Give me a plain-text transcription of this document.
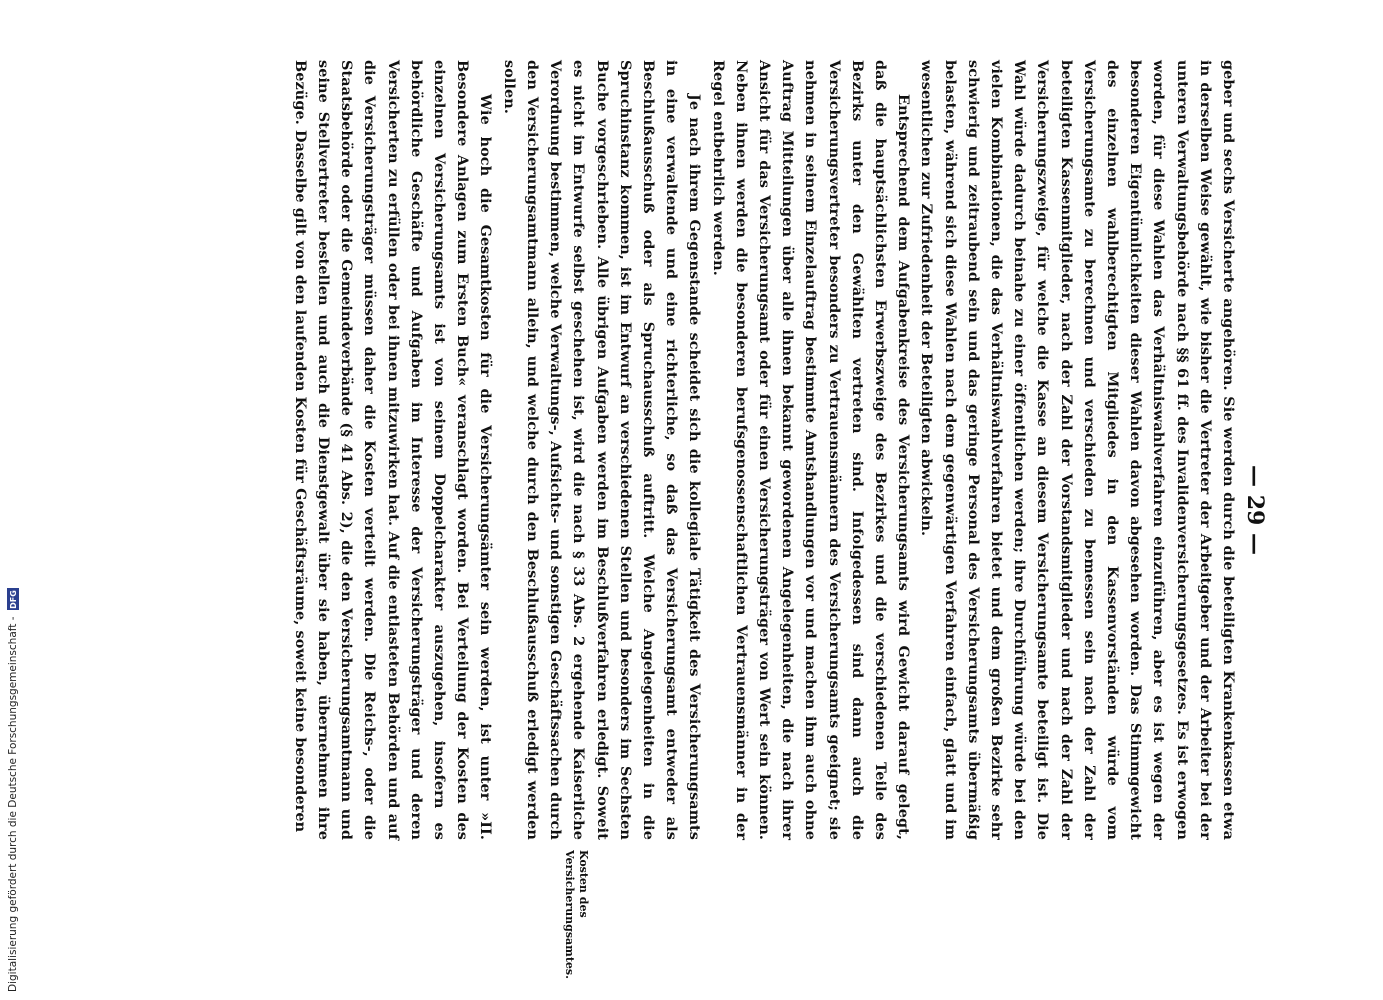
— 29 —

geber und sechs Versicherte angehören. Sie werden durch die beteiligten Krankenkassen etwa in derselben Weise gewählt, wie bisher die Vertreter der Arbeitgeber und der Arbeiter bei der unteren Verwaltungsbehörde nach §§ 61 ff. des Invalidenversicherungsgesetzes. Es ist erwogen worden, für diese Wahlen das Verhältniswahlverfahren einzuführen, aber es ist wegen der besonderen Eigentümlichkeiten dieser Wahlen davon abgesehen worden. Das Stimmgewicht des einzelnen wahlberechtigten Mitgliedes in den Kassenvorständen würde vom Versicherungsamte zu berechnen und verschieden zu bemessen sein nach der Zahl der beteiligten Kassenmitglieder, nach der Zahl der Vorstandsmitglieder und nach der Zahl der Versicherungszweige, für welche die Kasse an diesem Versicherungsamte beteiligt ist. Die Wahl würde dadurch beinahe zu einer öffentlichen werden; ihre Durchführung würde bei den vielen Kombinationen, die das Verhältniswahlverfahren bietet und dem großen Bezirke sehr schwierig und zeitraubend sein und das geringe Personal des Versicherungsamts übermäßig belasten, während sich diese Wahlen nach dem gegenwärtigen Verfahren einfach, glatt und im wesentlichen zur Zufriedenheit der Beteiligten abwickeln.

Entsprechend dem Aufgabenkreise des Versicherungsamts wird Gewicht darauf gelegt, daß die hauptsächlichsten Erwerbszweige des Bezirkes und die verschiedenen Teile des Bezirks unter den Gewählten vertreten sind. Infolgedessen sind dann auch die Versicherungsvertreter besonders zu Vertrauensmännern des Versicherungsamts geeignet; sie nehmen in seinem Einzelauftrag bestimmte Amtshandlungen vor und machen ihm auch ohne Auftrag Mitteilungen über alle ihnen bekannt gewordenen Angelegenheiten, die nach ihrer Ansicht für das Versicherungsamt oder für einen Versicherungsträger von Wert sein können. Neben ihnen werden die besonderen berufsgenossenschaftlichen Vertrauensmänner in der Regel entbehrlich werden.

Je nach ihrem Gegenstande scheidet sich die kollegiale Tätigkeit des Versicherungsamts in eine verwaltende und eine richterliche, so daß das Versicherungsamt entweder als Beschlußausschuß oder als Spruchausschuß auftritt. Welche Angelegenheiten in die Spruchinstanz kommen, ist im Entwurf an verschiedenen Stellen und besonders im Sechsten Buche vorgeschrieben. Alle übrigen Aufgaben werden im Beschlußverfahren erledigt. Soweit es nicht im Entwurfe selbst geschehen ist, wird die nach § 33 Abs. 2 ergehende Kaiserliche Verordnung bestimmen, welche Verwaltungs-, Aufsichts- und sonstigen Geschäftssachen durch den Versicherungsamtmann allein, und welche durch den Beschlußausschuß erledigt werden sollen.

Wie hoch die Gesamtkosten für die Versicherungsämter sein werden, ist unter »II. Besondere Anlagen zum Ersten Buch« veranschlagt worden. Bei Verteilung der Kosten des einzelnen Versicherungsamts ist von seinem Doppelcharakter auszugehen, insofern es behördliche Geschäfte und Aufgaben im Interesse der Versicherungsträger und deren Versicherten zu erfüllen oder bei ihnen mitzuwirken hat. Auf die entlasteten Behörden und auf die Versicherungsträger müssen daher die Kosten verteilt werden. Die Reichs-, oder die Staatsbehörde oder die Gemeindeverbände (§ 41 Abs. 2), die den Versicherungsamtmann und seine Stellvertreter bestellen und auch die Dienstgewalt über sie haben, übernehmen ihre Bezüge. Dasselbe gilt von den laufenden Kosten für Geschäftsräume, soweit keine besonderen

Kosten des Versicherungsamtes.
Digitalisierung gefördert durch die Deutsche Forschungsgemeinschaft -
DFG
